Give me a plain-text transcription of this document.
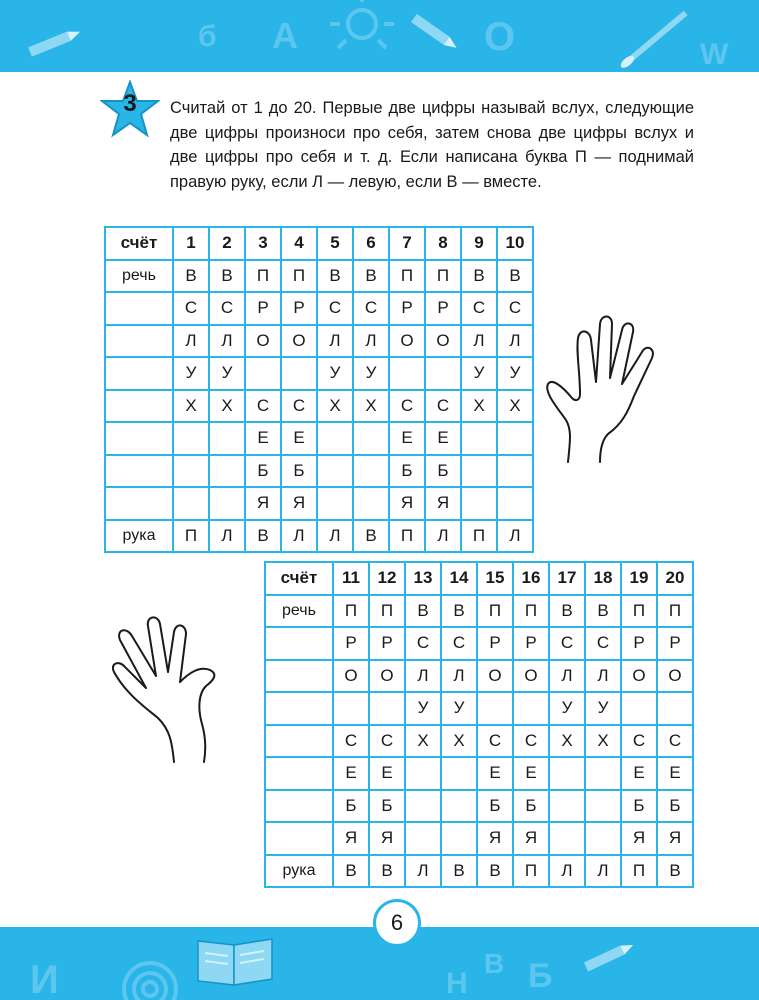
б А	О	W
3	Считай от 1 до 20. Первые две цифры называй вслух, следующие две цифры произноси про себя, затем снова две цифры вслух и две цифры про себя и т. д. Если написана буква П — поднимай правую руку, если Л — левую, если В — вместе.

счёт	1	2	3	4	5	6	7	8	9	10
речь	В	В	П	П	В	В	П	П	В	В
	С	С	Р	Р	С	С	Р	Р	С	С
	Л	Л	О	О	Л	Л	О	О	Л	Л
	У	У			У	У			У	У
	Х	Х	С	С	Х	Х	С	С	Х	Х
			Е	Е			Е	Е		
			Б	Б			Б	Б		
			Я	Я			Я	Я		
рука	П	Л	В	Л	Л	В	П	Л	П	Л
счёт	11	12	13	14	15	16	17	18	19	20
речь	П	П	В	В	П	П	В	В	П	П
	Р	Р	С	С	Р	Р	С	С	Р	Р
	О	О	Л	Л	О	О	Л	Л	О	О
			У	У			У	У		
	С	С	Х	Х	С	С	Х	Х	С	С
	Е	Е			Е	Е			Е	Е
	Б	Б			Б	Б			Б	Б
	Я	Я			Я	Я			Я	Я
рука	В	В	Л	В	В	П	Л	Л	П	В
И	Н
В Б
6
